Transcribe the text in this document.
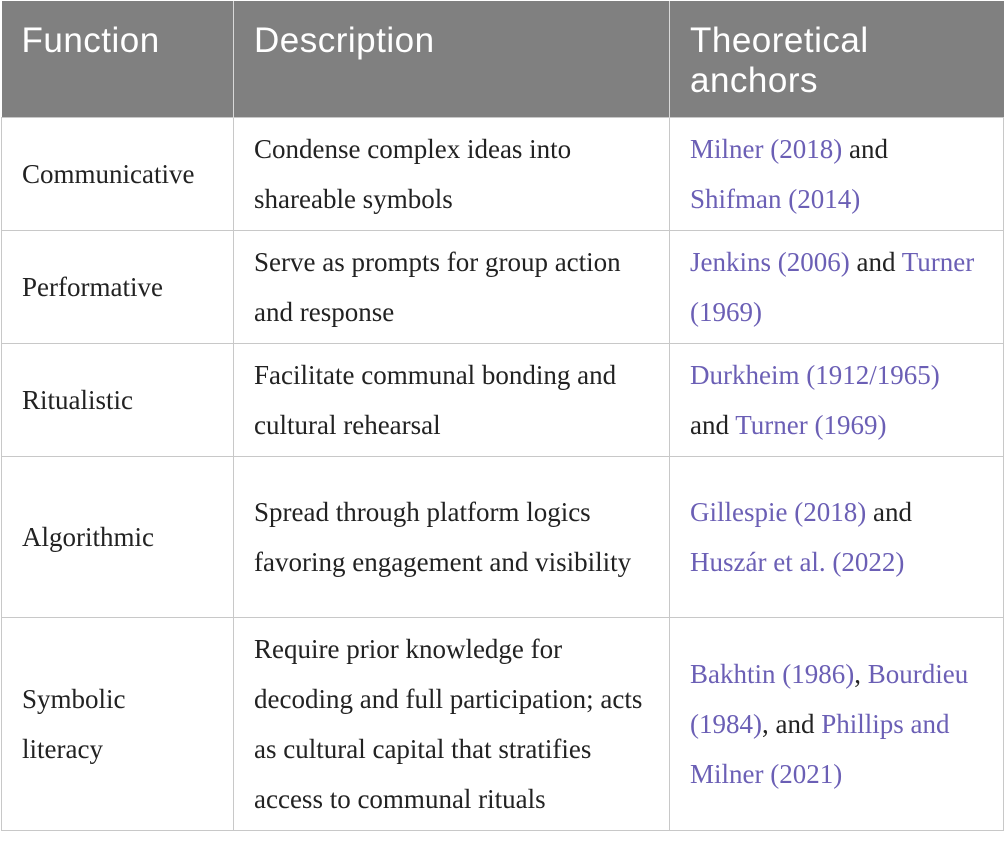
Function	Description	Theoretical anchors
Communicative	Condense complex ideas into shareable symbols	Milner (2018) and Shifman (2014)
Performative	Serve as prompts for group action and response	Jenkins (2006) and Turner (1969)
Ritualistic	Facilitate communal bonding and cultural rehearsal	Durkheim (1912/1965) and Turner (1969)
Algorithmic	Spread through platform logics favoring engagement and visibility	Gillespie (2018) and Huszár et al. (2022)
Symbolic literacy	Require prior knowledge for decoding and full participation; acts as cultural capital that stratifies access to communal rituals	Bakhtin (1986), Bourdieu (1984), and Phillips and Milner (2021)
